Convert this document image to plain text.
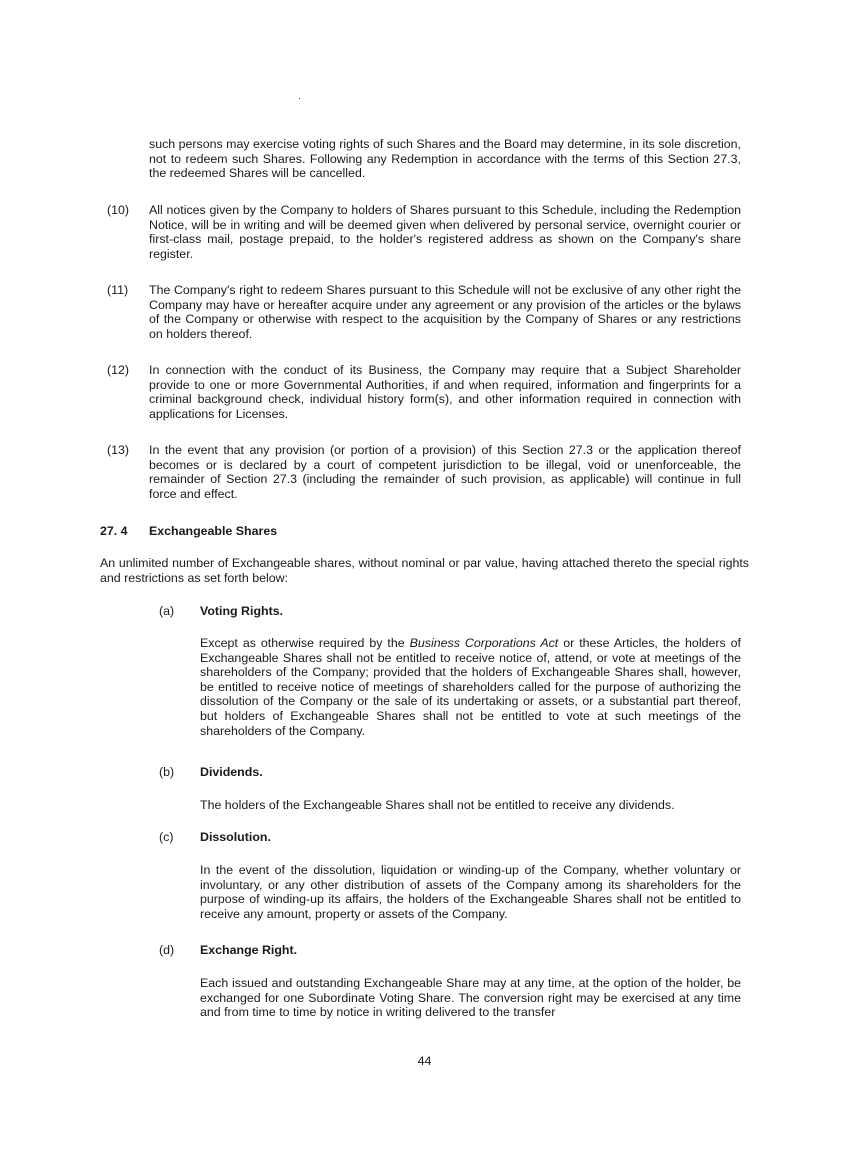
such persons may exercise voting rights of such Shares and the Board may determine, in its sole discretion, not to redeem such Shares. Following any Redemption in accordance with the terms of this Section 27.3, the redeemed Shares will be cancelled.

(10) All notices given by the Company to holders of Shares pursuant to this Schedule, including the Redemption Notice, will be in writing and will be deemed given when delivered by personal service, overnight courier or first-class mail, postage prepaid, to the holder's registered address as shown on the Company's share register.

(11) The Company's right to redeem Shares pursuant to this Schedule will not be exclusive of any other right the Company may have or hereafter acquire under any agreement or any provision of the articles or the bylaws of the Company or otherwise with respect to the acquisition by the Company of Shares or any restrictions on holders thereof.

(12) In connection with the conduct of its Business, the Company may require that a Subject Shareholder provide to one or more Governmental Authorities, if and when required, information and fingerprints for a criminal background check, individual history form(s), and other information required in connection with applications for Licenses.

(13) In the event that any provision (or portion of a provision) of this Section 27.3 or the application thereof becomes or is declared by a court of competent jurisdiction to be illegal, void or unenforceable, the remainder of Section 27.3 (including the remainder of such provision, as applicable) will continue in full force and effect.

27. 4 Exchangeable Shares

An unlimited number of Exchangeable shares, without nominal or par value, having attached thereto the special rights and restrictions as set forth below:

(a) Voting Rights.

Except as otherwise required by the Business Corporations Act or these Articles, the holders of Exchangeable Shares shall not be entitled to receive notice of, attend, or vote at meetings of the shareholders of the Company; provided that the holders of Exchangeable Shares shall, however, be entitled to receive notice of meetings of shareholders called for the purpose of authorizing the dissolution of the Company or the sale of its undertaking or assets, or a substantial part thereof, but holders of Exchangeable Shares shall not be entitled to vote at such meetings of the shareholders of the Company.

(b) Dividends.

The holders of the Exchangeable Shares shall not be entitled to receive any dividends.

(c) Dissolution.

In the event of the dissolution, liquidation or winding-up of the Company, whether voluntary or involuntary, or any other distribution of assets of the Company among its shareholders for the purpose of winding-up its affairs, the holders of the Exchangeable Shares shall not be entitled to receive any amount, property or assets of the Company.

(d) Exchange Right.

Each issued and outstanding Exchangeable Share may at any time, at the option of the holder, be exchanged for one Subordinate Voting Share. The conversion right may be exercised at any time and from time to time by notice in writing delivered to the transfer

44
